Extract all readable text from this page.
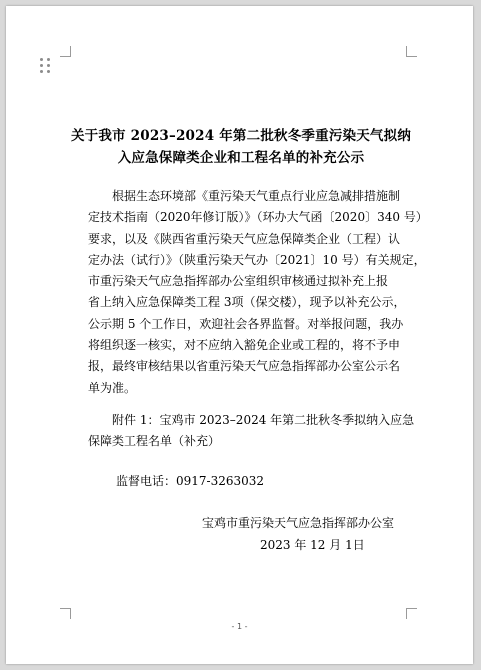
关于我市 2023–2024 年第二批秋冬季重污染天气拟纳
入应急保障类企业和工程名单的补充公示
根据生态环境部《重污染天气重点行业应急减排措施制
定技术指南（2020年修订版）》（环办大气函〔2020〕340 号）
要求，以及《陕西省重污染天气应急保障类企业（工程）认
定办法（试行）》（陕重污染天气办〔2021〕10 号）有关规定，
市重污染天气应急指挥部办公室组织审核通过拟补充上报
省上纳入应急保障类工程 3项（保交楼），现予以补充公示，
公示期 5 个工作日，欢迎社会各界监督。对举报问题，我办
将组织逐一核实，对不应纳入豁免企业或工程的，将不予申
报，最终审核结果以省重污染天气应急指挥部办公室公示名
单为准。
附件 1：宝鸡市 2023–2024 年第二批秋冬季拟纳入应急
保障类工程名单（补充）
监督电话：0917-3263032
宝鸡市重污染天气应急指挥部办公室
2023 年 12 月 1日
- 1 -
